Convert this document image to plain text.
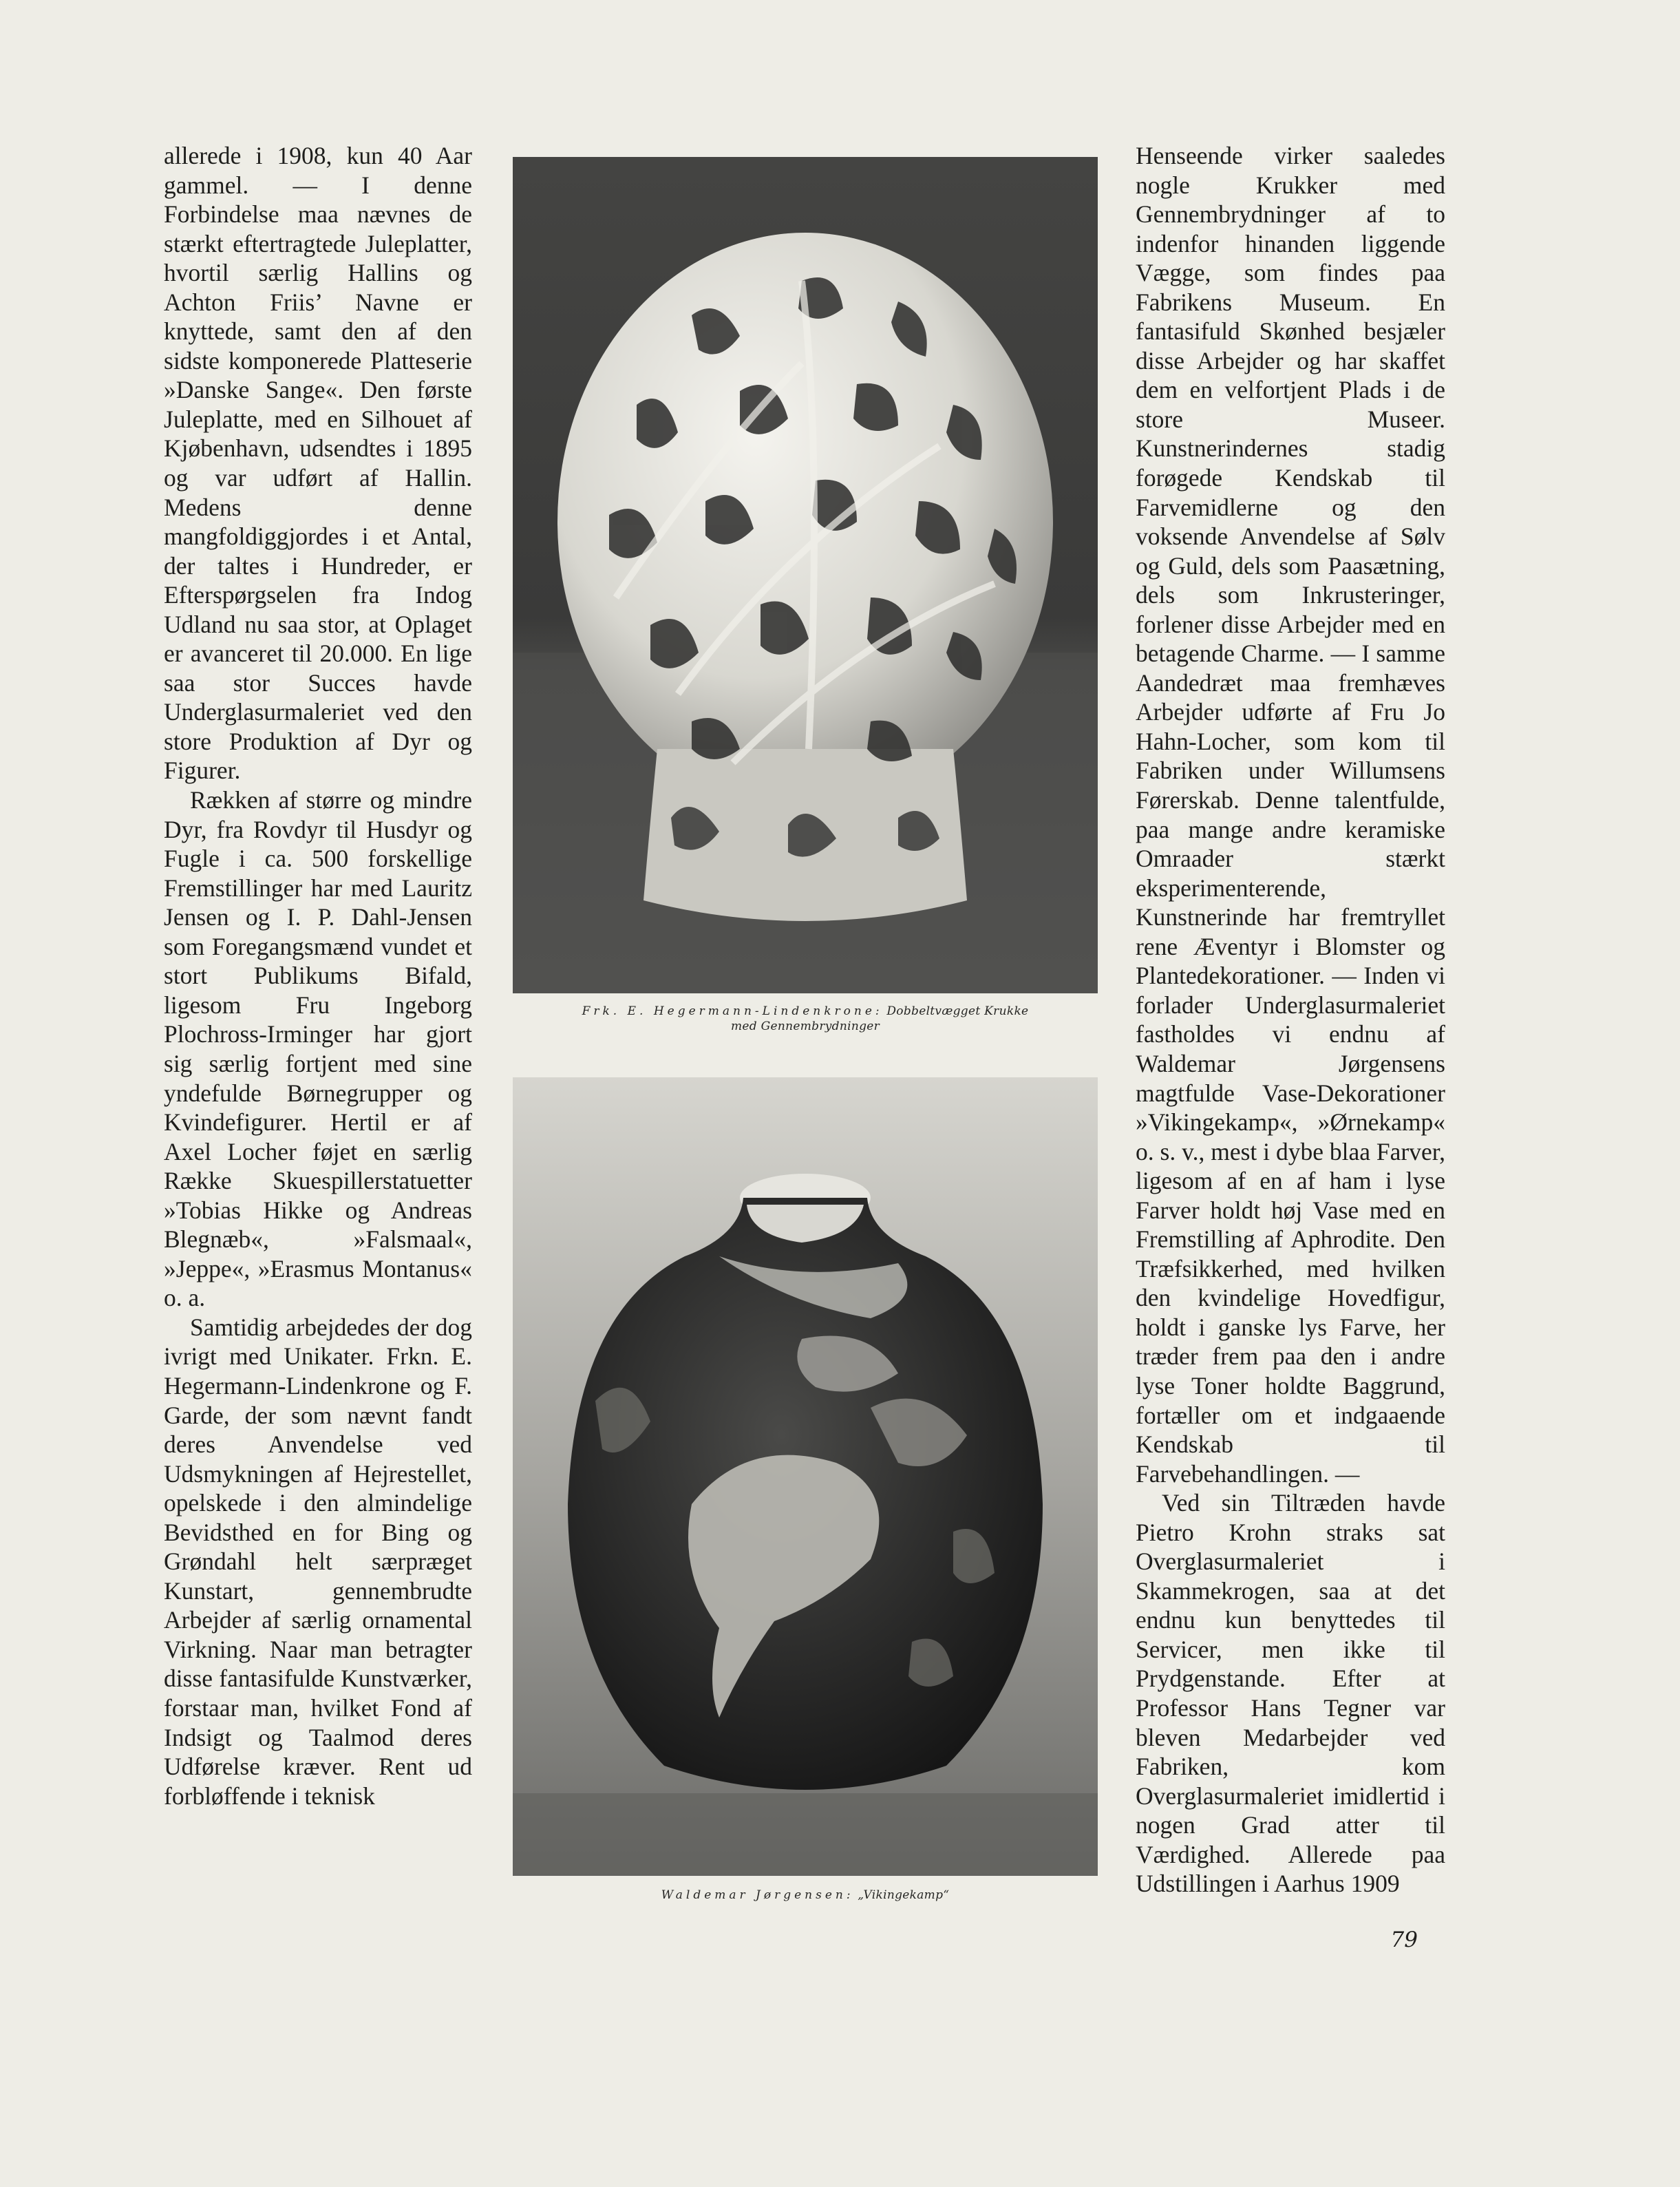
allerede i 1908, kun 40 Aar gammel. — I denne Forbindelse maa nævnes de stærkt eftertragtede Juleplatter, hvortil særlig Hallins og Achton Friis’ Navne er knyttede, samt den af den sidste komponerede Platteserie »Danske Sange«. Den første Juleplatte, med en Silhouet af Kjøbenhavn, udsendtes i 1895 og var udført af Hallin. Medens denne mangfoldiggjordes i et Antal, der taltes i Hundreder, er Efterspørgselen fra Indog Udland nu saa stor, at Oplaget er avanceret til 20.000. En lige saa stor Succes havde Underglasurmaleriet ved den store Produktion af Dyr og Figurer.

Rækken af større og mindre Dyr, fra Rovdyr til Husdyr og Fugle i ca. 500 forskellige Fremstillinger har med Lauritz Jensen og I. P. Dahl-Jensen som Foregangsmænd vundet et stort Publikums Bifald, ligesom Fru Ingeborg Plochross-Irminger har gjort sig særlig fortjent med sine yndefulde Børnegrupper og Kvindefigurer. Hertil er af Axel Locher føjet en særlig Række Skuespillerstatuetter »Tobias Hikke og Andreas Blegnæb«, »Falsmaal«, »Jeppe«, »Erasmus Montanus« o. a.

Samtidig arbejdedes der dog ivrigt med Unikater. Frkn. E. Hegermann-Lindenkrone og F. Garde, der som nævnt fandt deres Anvendelse ved Udsmykningen af Hejrestellet, opelskede i den almindelige Bevidsthed en for Bing og Grøndahl helt særpræget Kunstart, gennembrudte Arbejder af særlig ornamental Virkning. Naar man betragter disse fantasifulde Kunstværker, forstaar man, hvilket Fond af Indsigt og Taalmod deres Udførelse kræver. Rent ud forbløffende i teknisk

Frk. E. Hegermann-Lindenkrone: Dobbeltvægget Krukke
med Gennembrydninger
Waldemar Jørgensen: „Vikingekamp“

Henseende virker saaledes nogle Krukker med Gennembrydninger af to indenfor hinanden liggende Vægge, som findes paa Fabrikens Museum. En fantasifuld Skønhed besjæler disse Arbejder og har skaffet dem en velfortjent Plads i de store Museer. Kunstnerindernes stadig forøgede Kendskab til Farvemidlerne og den voksende Anvendelse af Sølv og Guld, dels som Paasætning, dels som Inkrusteringer, forlener disse Arbejder med en betagende Charme. — I samme Aandedræt maa fremhæves Arbejder udførte af Fru Jo Hahn-Locher, som kom til Fabriken under Willumsens Førerskab. Denne talentfulde, paa mange andre keramiske Omraader stærkt eksperimenterende, Kunstnerinde har fremtryllet rene Æventyr i Blomster og Plantedekorationer. — Inden vi forlader Underglasurmaleriet fastholdes vi endnu af Waldemar Jørgensens magtfulde Vase-Dekorationer »Vikingekamp«, »Ørnekamp« o. s. v., mest i dybe blaa Farver, ligesom af en af ham i lyse Farver holdt høj Vase med en Fremstilling af Aphrodite. Den Træfsikkerhed, med hvilken den kvindelige Hovedfigur, holdt i ganske lys Farve, her træder frem paa den i andre lyse Toner holdte Baggrund, fortæller om et indgaaende Kendskab til Farvebehandlingen. —

Ved sin Tiltræden havde Pietro Krohn straks sat Overglasurmaleriet i Skammekrogen, saa at det endnu kun benyttedes til Servicer, men ikke til Prydgenstande. Efter at Professor Hans Tegner var bleven Medarbejder ved Fabriken, kom Overglasurmaleriet imidlertid i nogen Grad atter til Værdighed. Allerede paa Udstillingen i Aarhus 1909

79
